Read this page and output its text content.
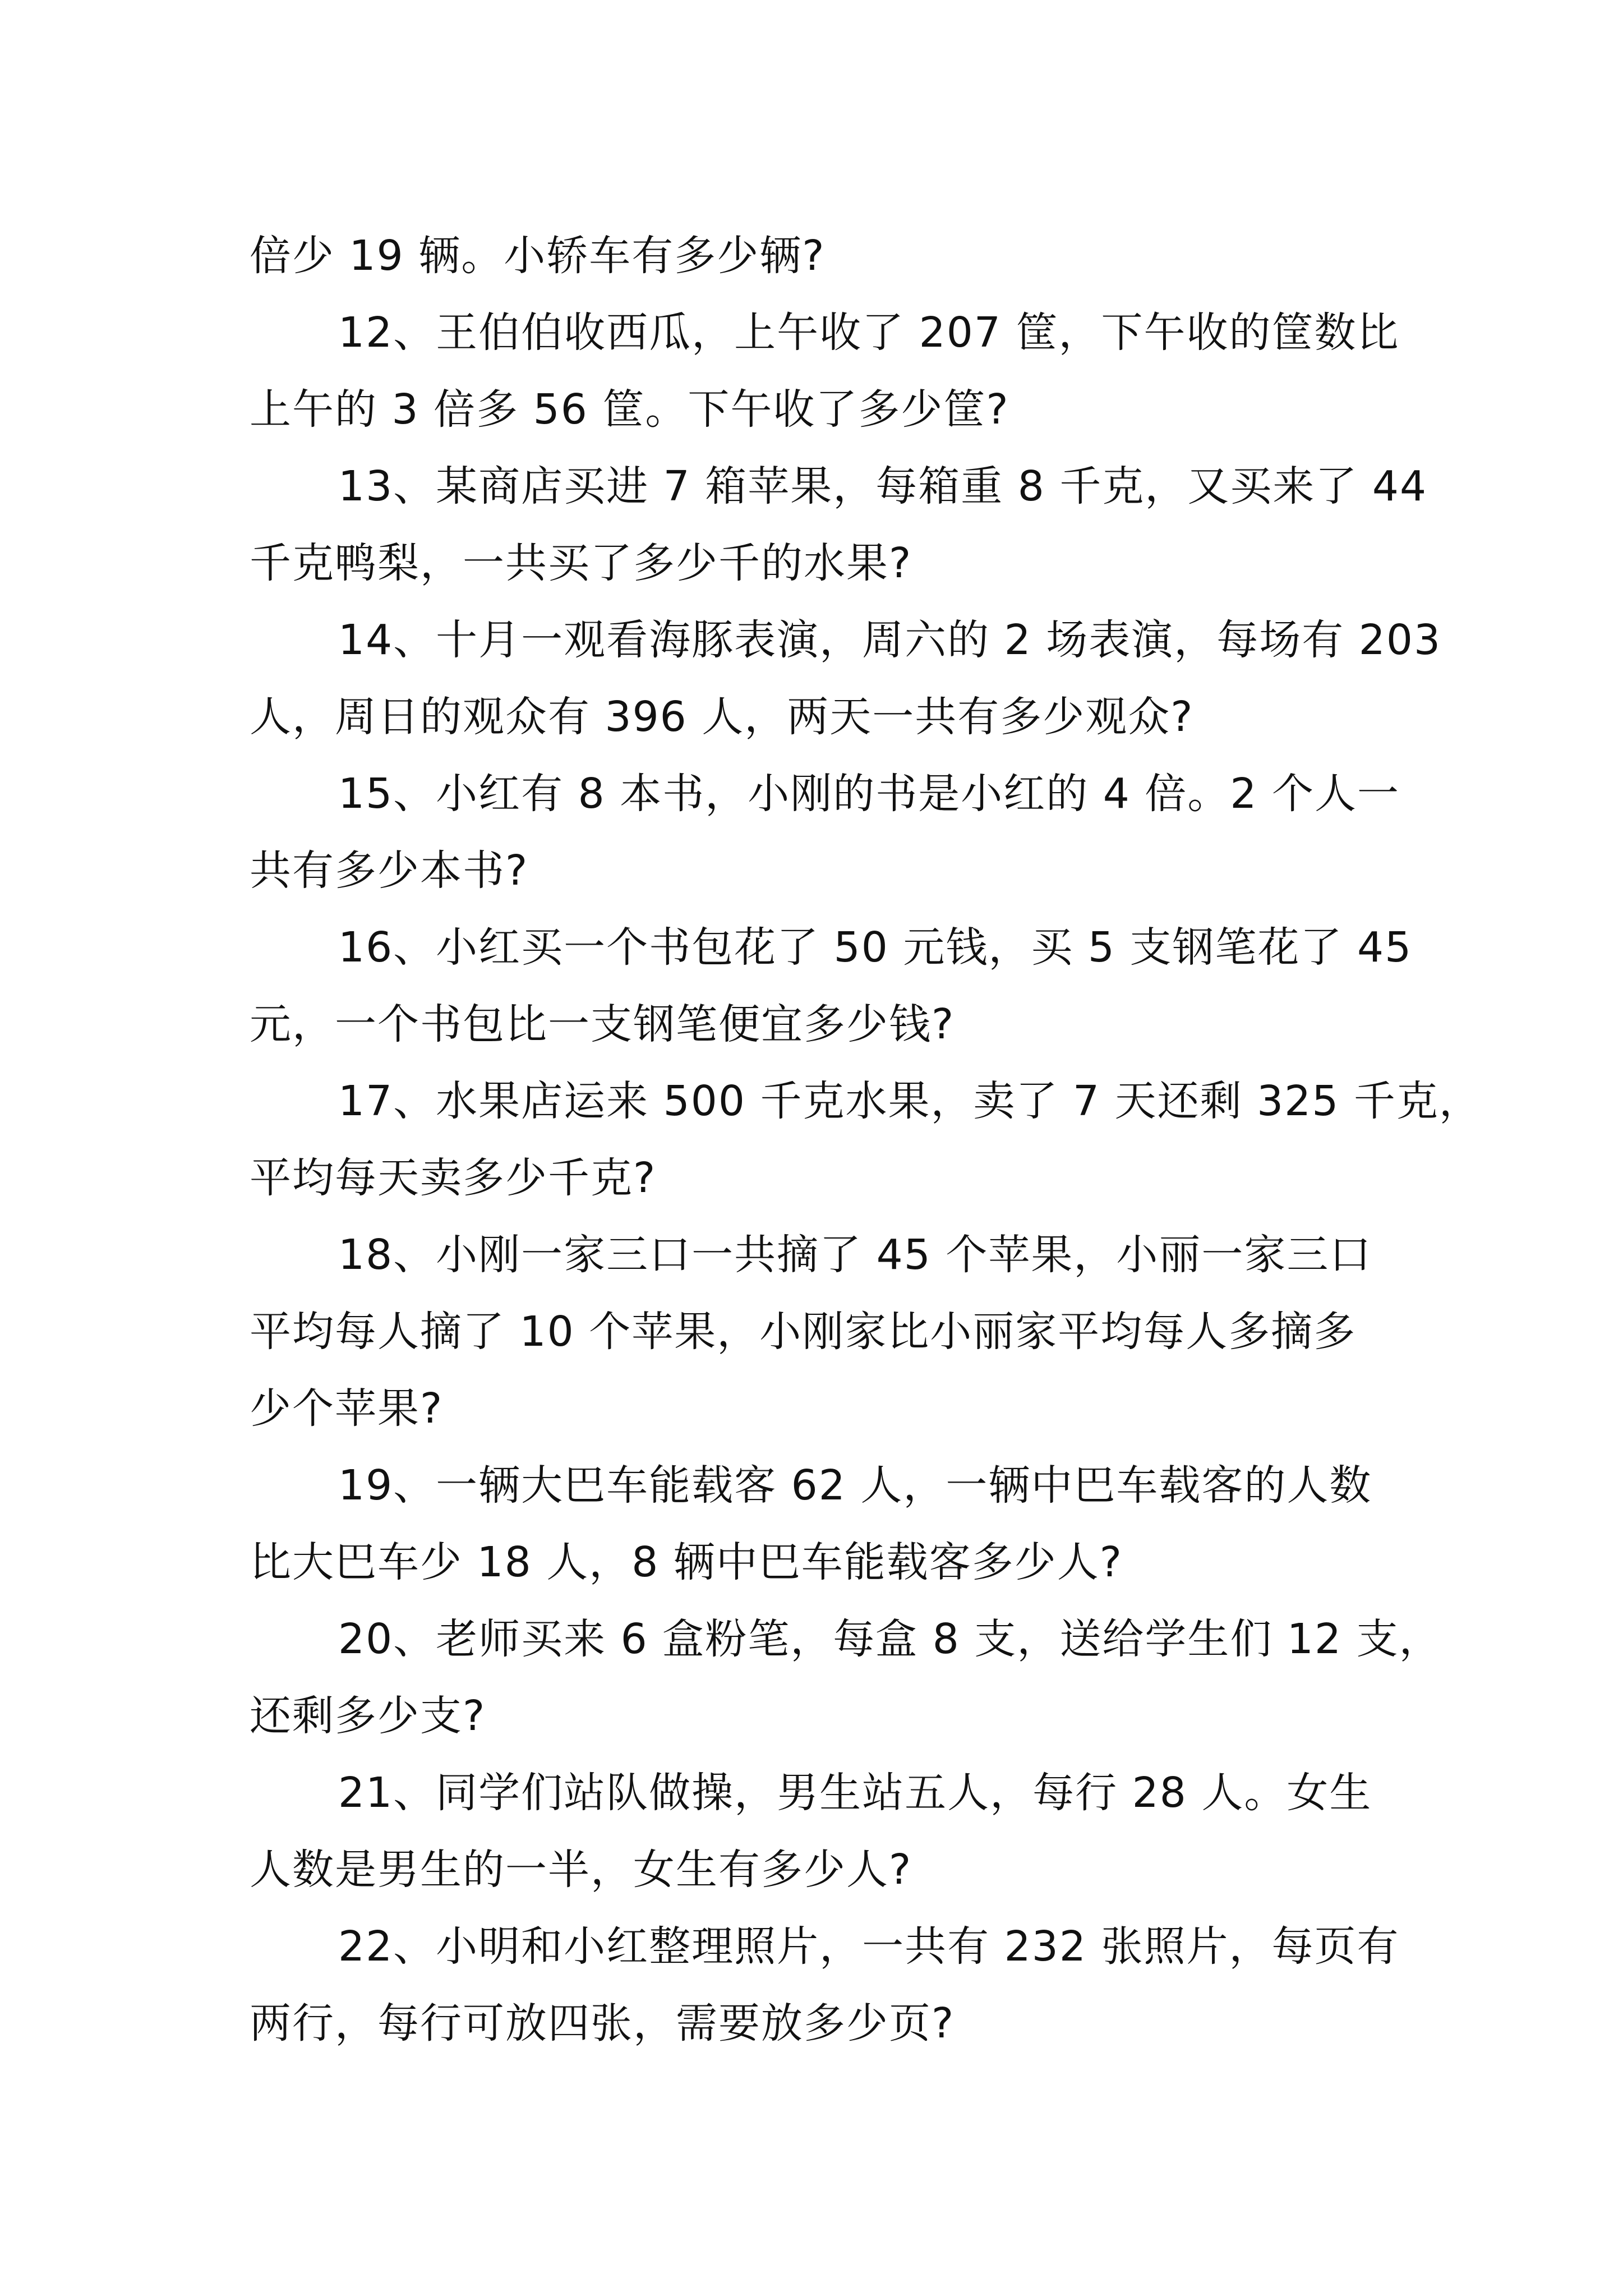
倍少 19 辆。小轿车有多少辆?
12、王伯伯收西瓜，上午收了 207 筐，下午收的筐数比
上午的 3 倍多 56 筐。下午收了多少筐?
13、某商店买进 7 箱苹果，每箱重 8 千克，又买来了 44
千克鸭梨，一共买了多少千的水果?
14、十月一观看海豚表演，周六的 2 场表演，每场有 203
人，周日的观众有 396 人，两天一共有多少观众?
15、小红有 8 本书，小刚的书是小红的 4 倍。2 个人一
共有多少本书?
16、小红买一个书包花了 50 元钱，买 5 支钢笔花了 45
元，一个书包比一支钢笔便宜多少钱?
17、水果店运来 500 千克水果，卖了 7 天还剩 325 千克，
平均每天卖多少千克?
18、小刚一家三口一共摘了 45 个苹果，小丽一家三口
平均每人摘了 10 个苹果，小刚家比小丽家平均每人多摘多
少个苹果?
19、一辆大巴车能载客 62 人，一辆中巴车载客的人数
比大巴车少 18 人，8 辆中巴车能载客多少人?
20、老师买来 6 盒粉笔，每盒 8 支，送给学生们 12 支，
还剩多少支?
21、同学们站队做操，男生站五人，每行 28 人。女生
人数是男生的一半，女生有多少人?
22、小明和小红整理照片，一共有 232 张照片，每页有
两行，每行可放四张，需要放多少页?
